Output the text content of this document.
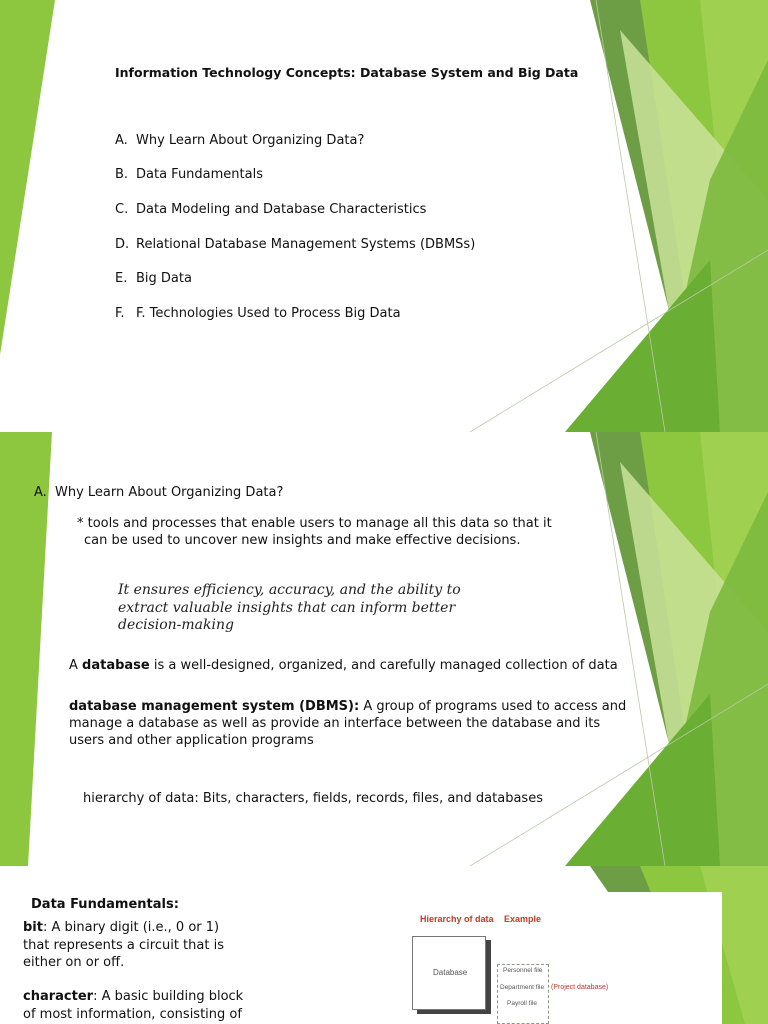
Information Technology Concepts: Database System and Big Data
A. Why Learn About Organizing Data?
B. Data Fundamentals
C. Data Modeling and Database Characteristics
D. Relational Database Management Systems (DBMSs)
E. Big Data
F. F. Technologies Used to Process Big Data
A. Why Learn About Organizing Data?
* tools and processes that enable users to manage all this data so that it
can be used to uncover new insights and make effective decisions.
It ensures efficiency, accuracy, and the ability to
extract valuable insights that can inform better
decision-making
A database is a well-designed, organized, and carefully managed collection of data
database management system (DBMS): A group of programs used to access and
manage a database as well as provide an interface between the database and its
users and other application programs
hierarchy of data: Bits, characters, fields, records, files, and databases
Data Fundamentals:
bit: A binary digit (i.e., 0 or 1)
that represents a circuit that is
either on or off.
character: A basic building block
of most information, consisting of
Hierarchy of data Example
Database	Personnel file
Department file
Payroll file
(Project database)
